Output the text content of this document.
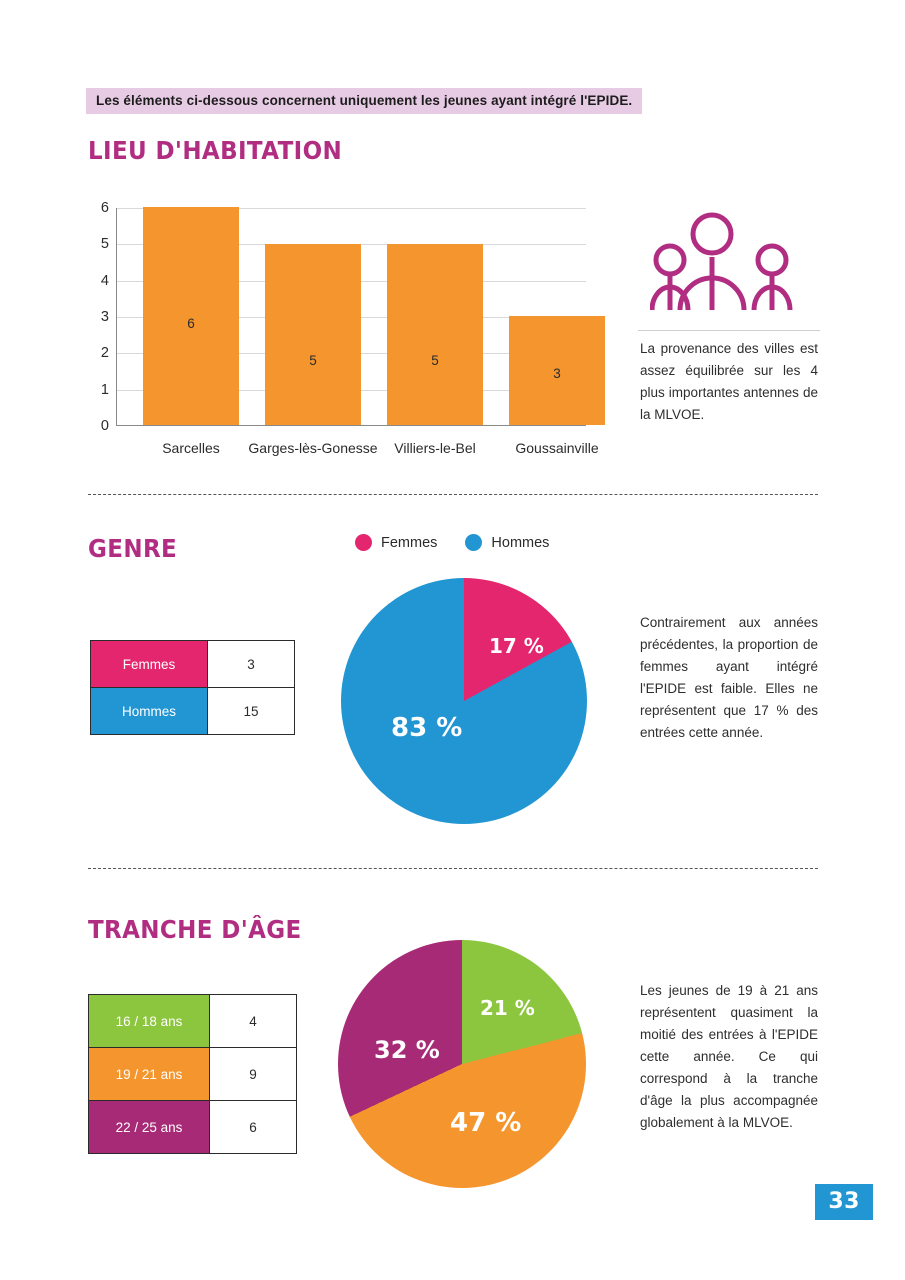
Les éléments ci-dessous concernent uniquement les jeunes ayant intégré l'EPIDE.
LIEU D'HABITATION
6
5
4
3
2
1
0
6
5	5
3
Sarcelles	Garges-lès-Gonesse	Villiers-le-Bel	Goussainville
La provenance des villes est assez équilibrée sur les 4 plus importantes antennes de la MLVOE.
GENRE	Femmes	Hommes
Femmes	3
Hommes	15
17 %
83 %
Contrairement aux années précédentes, la proportion de femmes ayant intégré l'EPIDE est faible. Elles ne représentent que 17 % des entrées cette année.
TRANCHE D'ÂGE
16 / 18 ans	4
19 / 21 ans	9
22 / 25 ans	6
21 %
47 %
32 %
Les jeunes de 19 à 21 ans représentent quasiment la moitié des entrées à l'EPIDE cette année. Ce qui correspond à la tranche d'âge la plus accompagnée globalement à la MLVOE.
33
